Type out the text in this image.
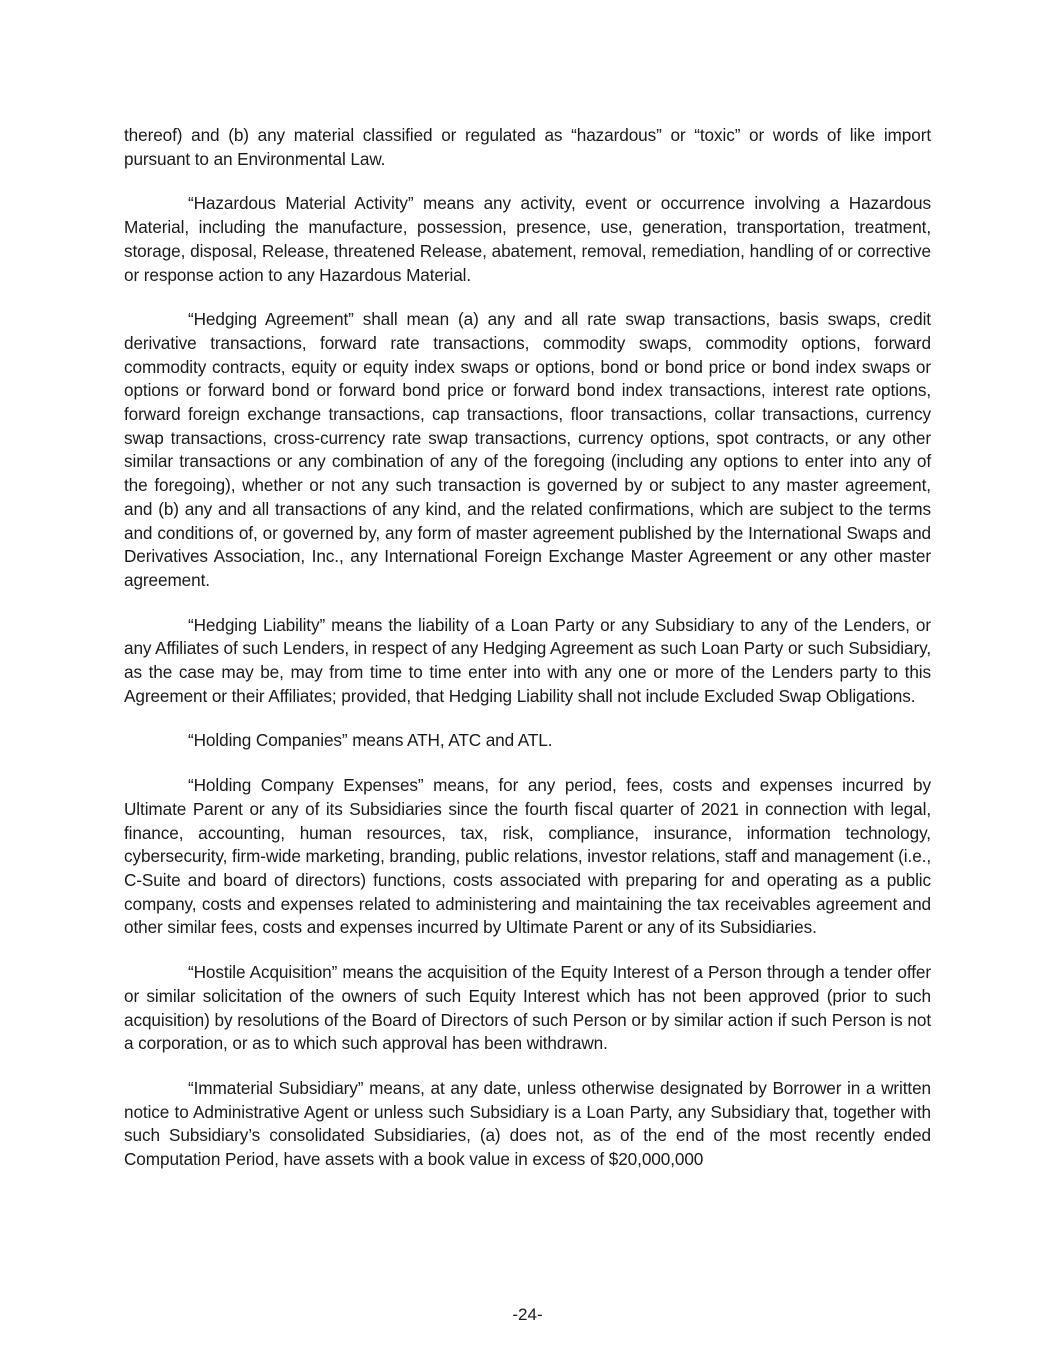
thereof) and (b) any material classified or regulated as “hazardous” or “toxic” or words of like import pursuant to an Environmental Law.

“Hazardous Material Activity” means any activity, event or occurrence involving a Hazardous Material, including the manufacture, possession, presence, use, generation, transportation, treatment, storage, disposal, Release, threatened Release, abatement, removal, remediation, handling of or corrective or response action to any Hazardous Material.

“Hedging Agreement” shall mean (a) any and all rate swap transactions, basis swaps, credit derivative transactions, forward rate transactions, commodity swaps, commodity options, forward commodity contracts, equity or equity index swaps or options, bond or bond price or bond index swaps or options or forward bond or forward bond price or forward bond index transactions, interest rate options, forward foreign exchange transactions, cap transactions, floor transactions, collar transactions, currency swap transactions, cross-currency rate swap transactions, currency options, spot contracts, or any other similar transactions or any combination of any of the foregoing (including any options to enter into any of the foregoing), whether or not any such transaction is governed by or subject to any master agreement, and (b) any and all transactions of any kind, and the related confirmations, which are subject to the terms and conditions of, or governed by, any form of master agreement published by the International Swaps and Derivatives Association, Inc., any International Foreign Exchange Master Agreement or any other master agreement.

“Hedging Liability” means the liability of a Loan Party or any Subsidiary to any of the Lenders, or any Affiliates of such Lenders, in respect of any Hedging Agreement as such Loan Party or such Subsidiary, as the case may be, may from time to time enter into with any one or more of the Lenders party to this Agreement or their Affiliates; provided, that Hedging Liability shall not include Excluded Swap Obligations.

“Holding Companies” means ATH, ATC and ATL.

“Holding Company Expenses” means, for any period, fees, costs and expenses incurred by Ultimate Parent or any of its Subsidiaries since the fourth fiscal quarter of 2021 in connection with legal, finance, accounting, human resources, tax, risk, compliance, insurance, information technology, cybersecurity, firm-wide marketing, branding, public relations, investor relations, staff and management (i.e., C-Suite and board of directors) functions, costs associated with preparing for and operating as a public company, costs and expenses related to administering and maintaining the tax receivables agreement and other similar fees, costs and expenses incurred by Ultimate Parent or any of its Subsidiaries.

“Hostile Acquisition” means the acquisition of the Equity Interest of a Person through a tender offer or similar solicitation of the owners of such Equity Interest which has not been approved (prior to such acquisition) by resolutions of the Board of Directors of such Person or by similar action if such Person is not a corporation, or as to which such approval has been withdrawn.

“Immaterial Subsidiary” means, at any date, unless otherwise designated by Borrower in a written notice to Administrative Agent or unless such Subsidiary is a Loan Party, any Subsidiary that, together with such Subsidiary’s consolidated Subsidiaries, (a) does not, as of the end of the most recently ended Computation Period, have assets with a book value in excess of $20,000,000

-24-
